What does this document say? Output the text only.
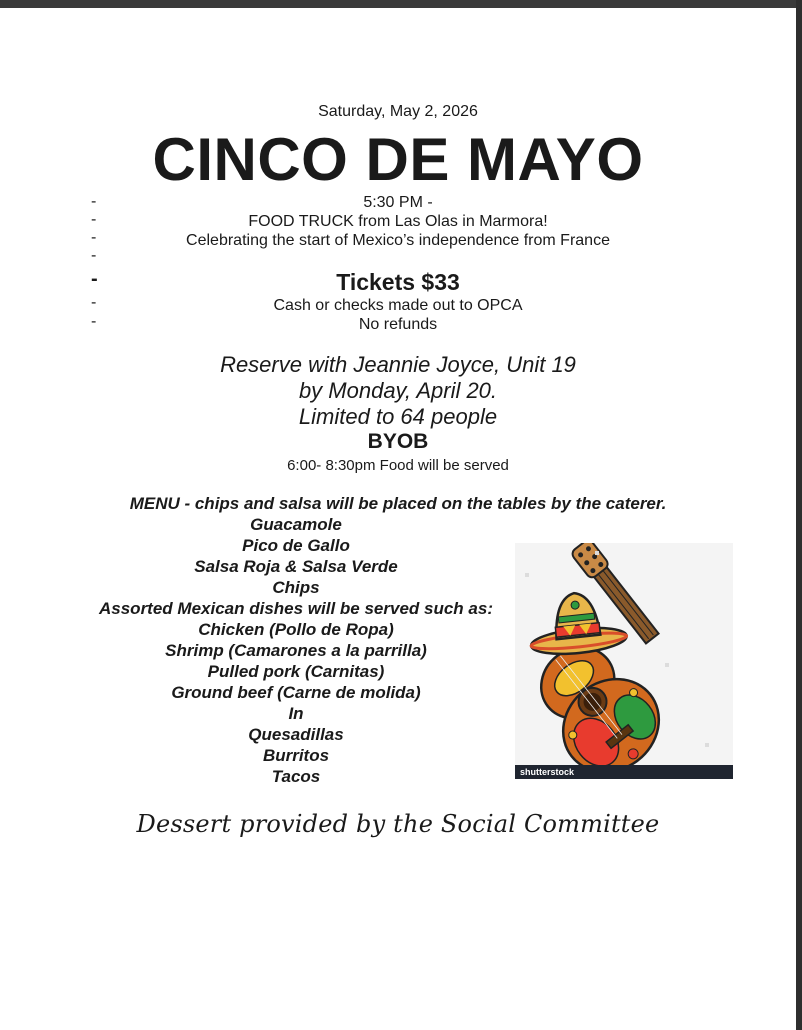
-
-
-
-
-
-
-
Saturday, May 2, 2026
CINCO DE MAYO
5:30 PM -
FOOD TRUCK from Las Olas in Marmora!
Celebrating the start of Mexico’s independence from France
Tickets $33
Cash or checks made out to OPCA
No refunds
Reserve with Jeannie Joyce, Unit 19
by Monday, April 20.
Limited to 64 people
BYOB
6:00- 8:30pm Food will be served
MENU - chips and salsa will be placed on the tables by the caterer.
Guacamole
Pico de Gallo
Salsa Roja & Salsa Verde
Chips
Assorted Mexican dishes will be served such as:
Chicken (Pollo de Ropa)
Shrimp (Camarones a la parrilla)
Pulled pork (Carnitas)
Ground beef (Carne de molida)
In
Quesadillas
Burritos
Tacos	shutterstock
Dessert provided by the Social Committee
